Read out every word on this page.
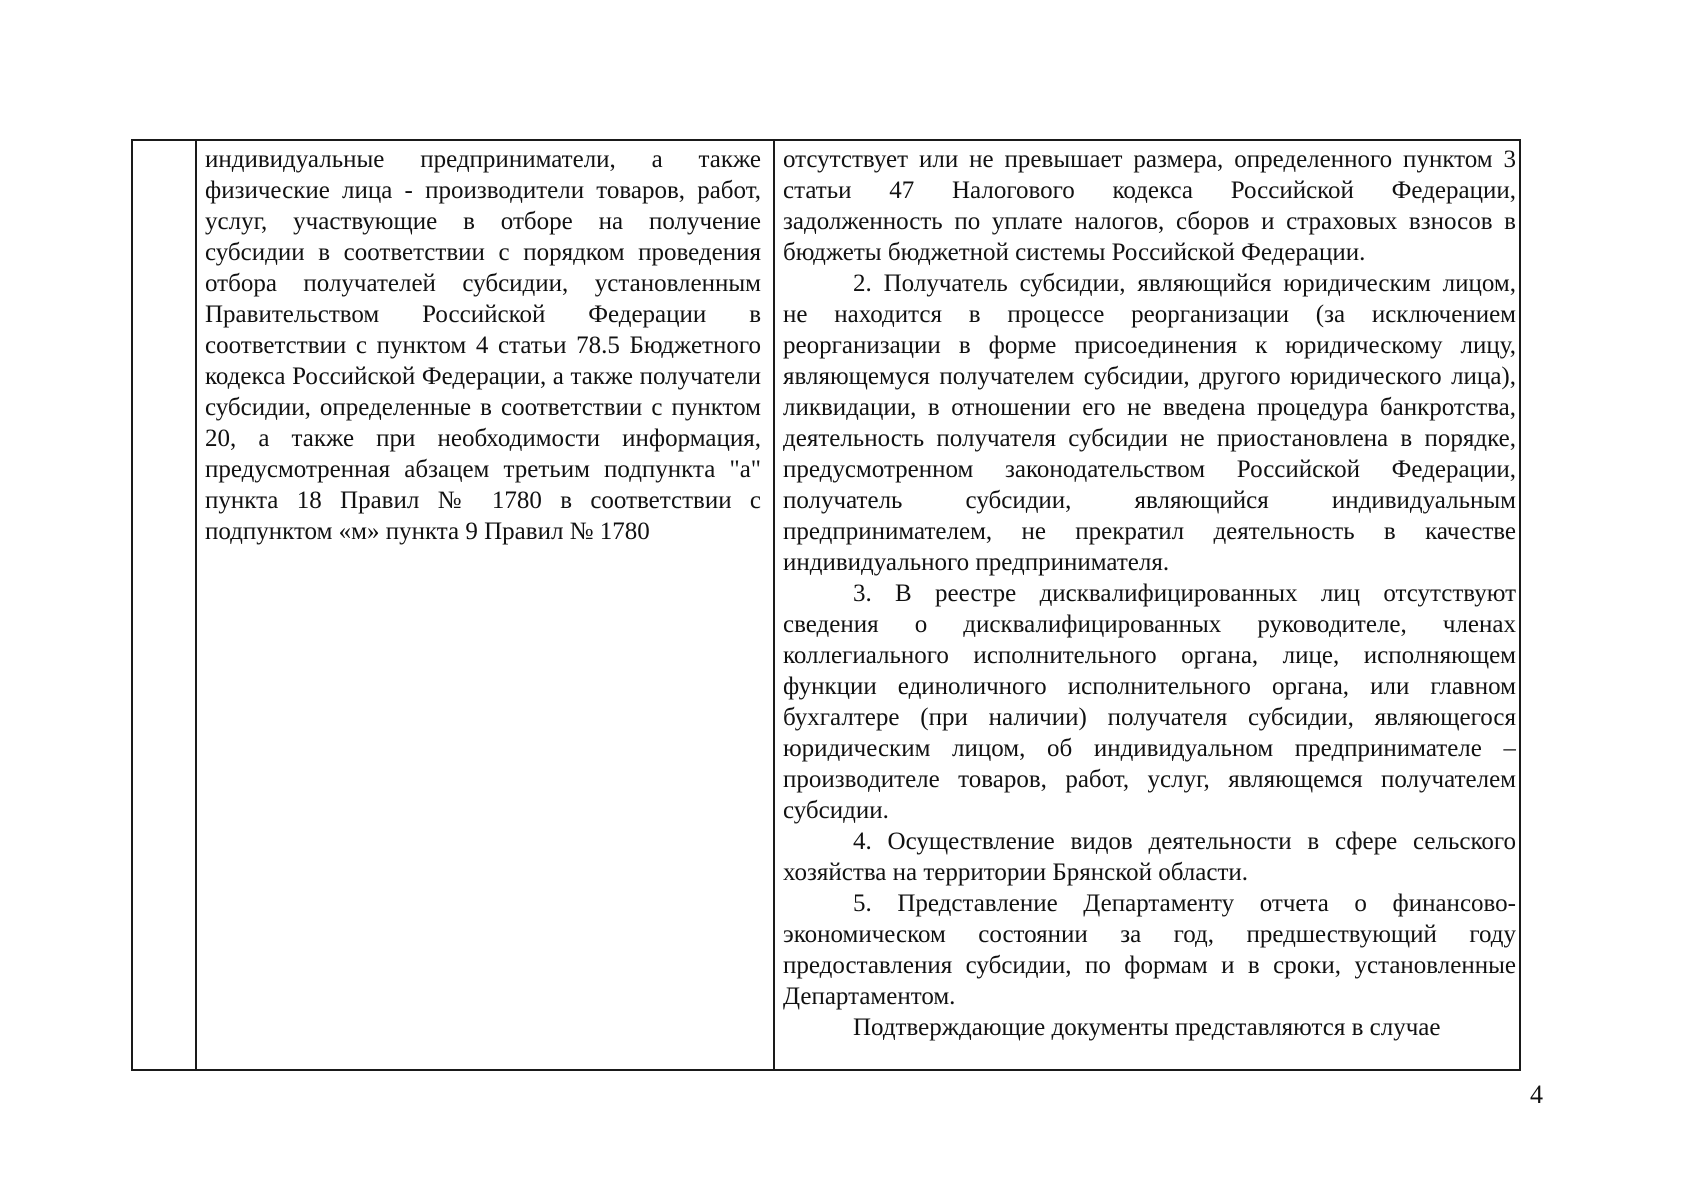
индивидуальные предприниматели, а также физические лица - производители товаров, работ, услуг, участвующие в отборе на получение субсидии в соответствии с порядком проведения отбора получателей субсидии, установленным Правительством Российской Федерации в соответствии с пунктом 4 статьи 78.5 Бюджетного кодекса Российской Федерации, а также получатели субсидии, определенные в соответствии с пунктом 20, а также при необходимости информация, предусмотренная абзацем третьим подпункта "а" пункта 18 Правил № 1780 в соответствии с подпунктом «м» пункта 9 Правил № 1780

отсутствует или не превышает размера, определенного пунктом 3 статьи 47 Налогового кодекса Российской Федерации, задолженность по уплате налогов, сборов и страховых взносов в бюджеты бюджетной системы Российской Федерации.

2. Получатель субсидии, являющийся юридическим лицом, не находится в процессе реорганизации (за исключением реорганизации в форме присоединения к юридическому лицу, являющемуся получателем субсидии, другого юридического лица), ликвидации, в отношении его не введена процедура банкротства, деятельность получателя субсидии не приостановлена в порядке, предусмотренном законодательством Российской Федерации, получатель субсидии, являющийся индивидуальным предпринимателем, не прекратил деятельность в качестве индивидуального предпринимателя.

3. В реестре дисквалифицированных лиц отсутствуют сведения о дисквалифицированных руководителе, членах коллегиального исполнительного органа, лице, исполняющем функции единоличного исполнительного органа, или главном бухгалтере (при наличии) получателя субсидии, являющегося юридическим лицом, об индивидуальном предпринимателе – производителе товаров, работ, услуг, являющемся получателем субсидии.

4. Осуществление видов деятельности в сфере сельского хозяйства на территории Брянской области.

5. Представление Департаменту отчета о финансово-экономическом состоянии за год, предшествующий году предоставления субсидии, по формам и в сроки, установленные Департаментом.

Подтверждающие документы представляются в случае

4
